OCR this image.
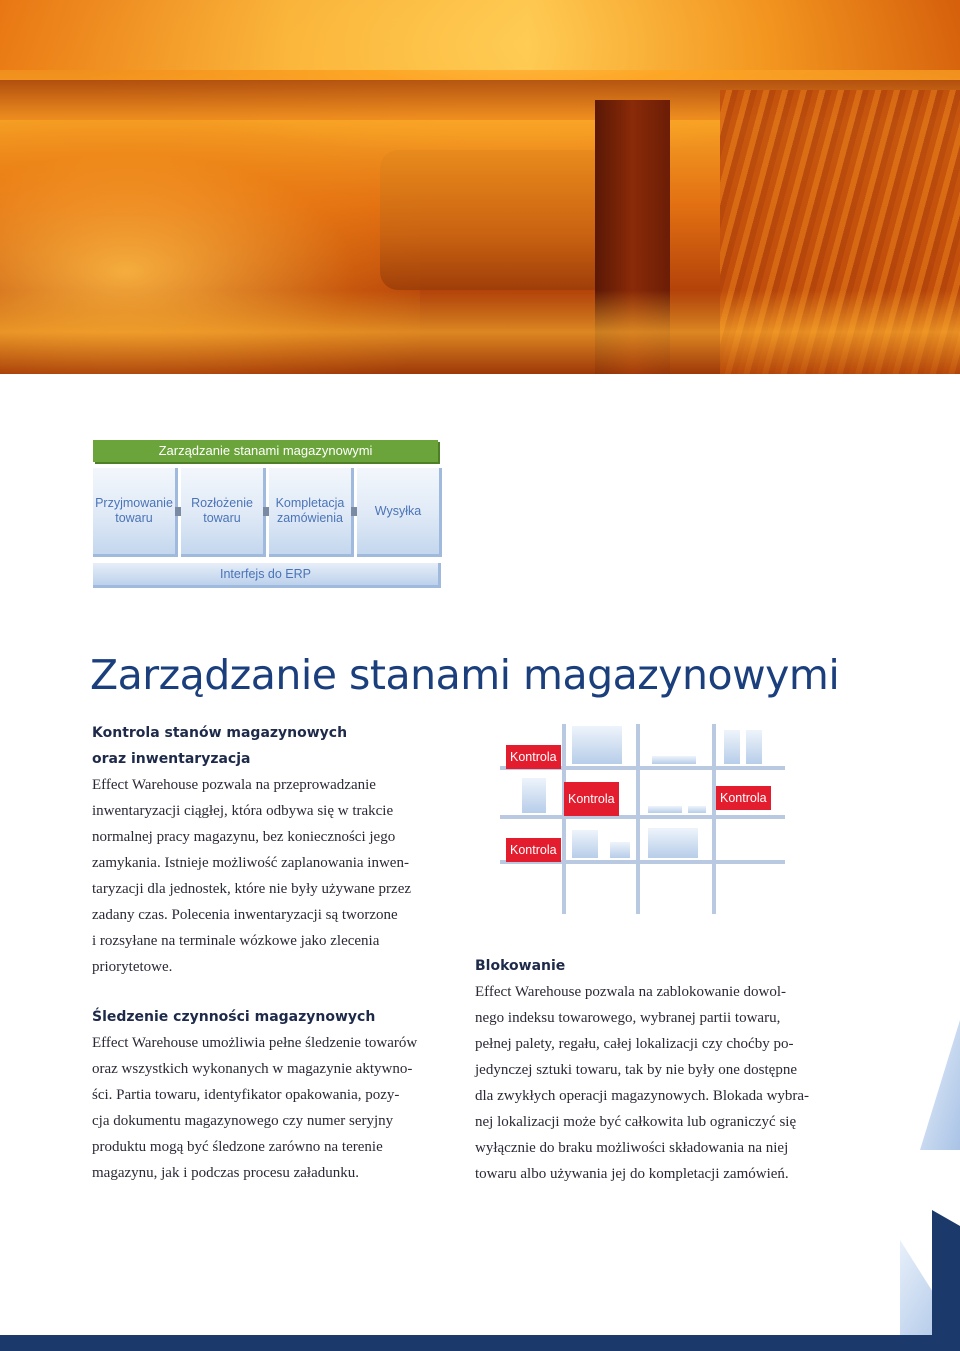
Zarządzanie stanami magazynowymi
Przyjmowanie
towaru
Rozłożenie
towaru
Kompletacja
zamówienia
Wysyłka
Interfejs do ERP
Zarządzanie stanami magazynowymi

Kontrola stanów magazynowych

oraz inwentaryzacja

Effect Warehouse pozwala na przeprowadzanie

inwentaryzacji ciągłej, która odbywa się w trakcie

normalnej pracy magazynu, bez konieczności jego

zamykania. Istnieje możliwość zaplanowania inwen-

taryzacji dla jednostek, które nie były używane przez

zadany czas. Polecenia inwentaryzacji są tworzone

i rozsyłane na terminale wózkowe jako zlecenia

priorytetowe.

Śledzenie czynności magazynowych

Effect Warehouse umożliwia pełne śledzenie towarów

oraz wszystkich wykonanych w magazynie aktywno-

ści. Partia towaru, identyfikator opakowania, pozy-

cja dokumentu magazynowego czy numer seryjny

produktu mogą być śledzone zarówno na terenie

magazynu, jak i podczas procesu załadunku.

Kontrola
Kontrola	Kontrola
Kontrola

Blokowanie

Effect Warehouse pozwala na zablokowanie dowol-

nego indeksu towarowego, wybranej partii towaru,

pełnej palety, regału, całej lokalizacji czy choćby po-

jedynczej sztuki towaru, tak by nie były one dostępne

dla zwykłych operacji magazynowych. Blokada wybra-

nej lokalizacji może być całkowita lub ograniczyć się

wyłącznie do braku możliwości składowania na niej

towaru albo używania jej do kompletacji zamówień.
